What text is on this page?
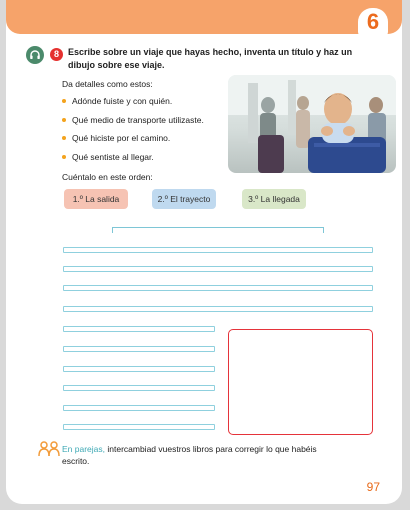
6
8	Escribe sobre un viaje que hayas hecho, inventa un título y haz un dibujo sobre ese viaje.
Da detalles como estos:
Adónde fuiste y con quién.
Qué medio de transporte utilizaste.
Qué hiciste por el camino.
Qué sentiste al llegar.
Cuéntalo en este orden:
1.º La salida	2.º El trayecto	3.º La llegada
En parejas, intercambiad vuestros libros para corregir lo que habéis escrito.
97
